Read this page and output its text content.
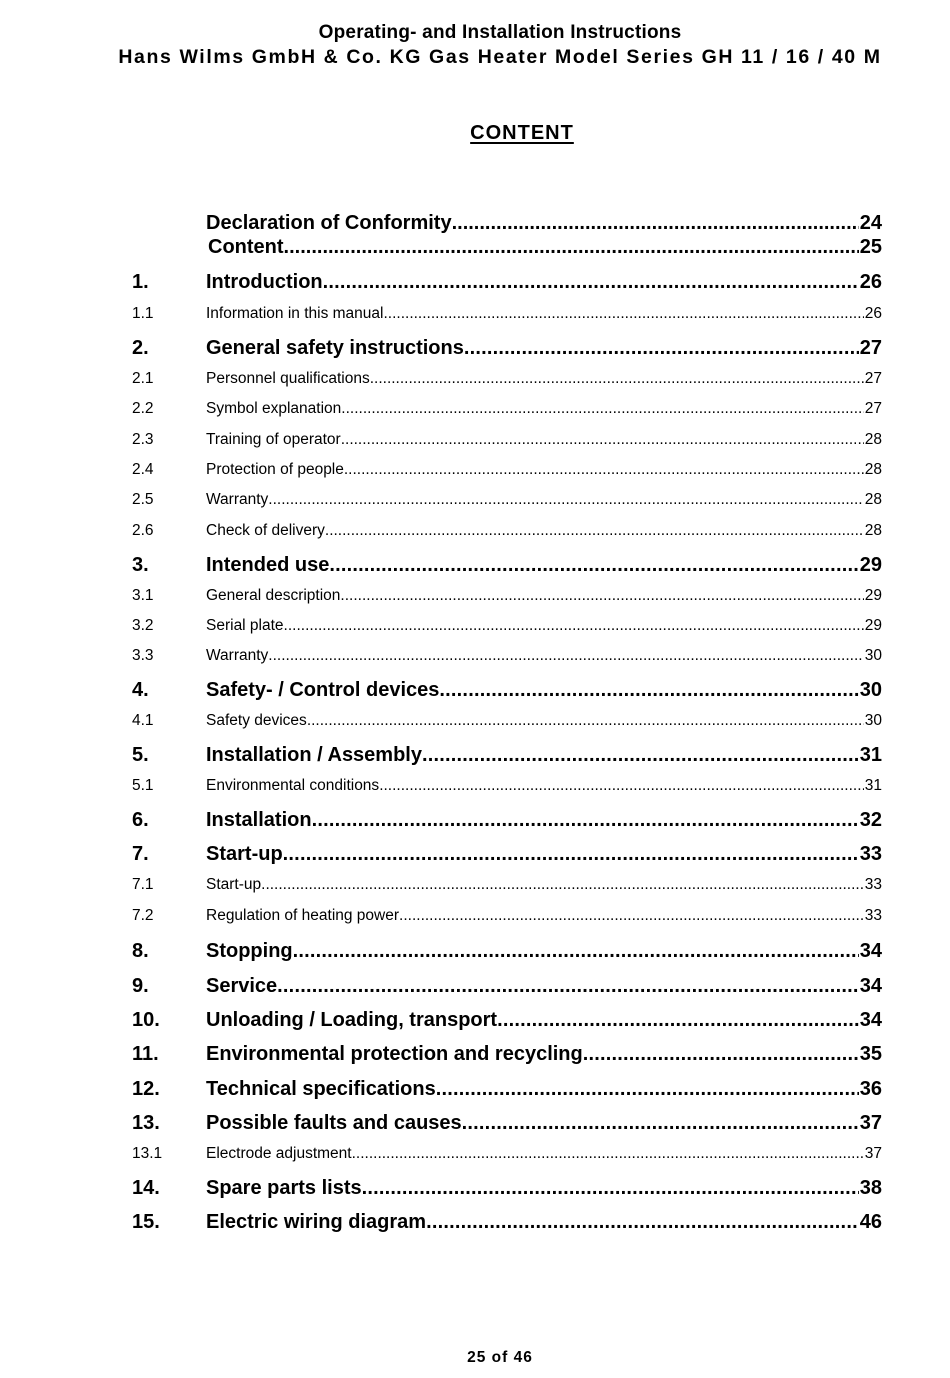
Operating- and Installation Instructions
Hans Wilms GmbH & Co. KG Gas Heater Model Series GH 11 / 16 / 40 M
CONTENT
Declaration of Conformity .....	24
Content .....	25
1.	Introduction .....	26
1.1	Information in this manual .....	26
2.	General safety instructions .....	27
2.1	Personnel qualifications .....	27
2.2	Symbol explanation .....	27
2.3	Training of operator .....	28
2.4	Protection of people .....	28
2.5	Warranty .....	28
2.6	Check of delivery .....	28
3.	Intended use .....	29
3.1	General description .....	29
3.2	Serial plate .....	29
3.3	Warranty .....	30
4.	Safety- / Control devices .....	30
4.1	Safety devices .....	30
5.	Installation / Assembly .....	31
5.1	Environmental conditions .....	31
6.	Installation .....	32
7.	Start-up .....	33
7.1	Start-up .....	33
7.2	Regulation of heating power .....	33
8.	Stopping .....	34
9.	Service .....	34
10. Unloading / Loading, transport .....	34
11. Environmental protection and recycling .....	35
12. Technical specifications .....	36
13. Possible faults and causes .....	37
13.1	Electrode adjustment .....	37
14. Spare parts lists .....	38
15. Electric wiring diagram .....	46
25 of 46
